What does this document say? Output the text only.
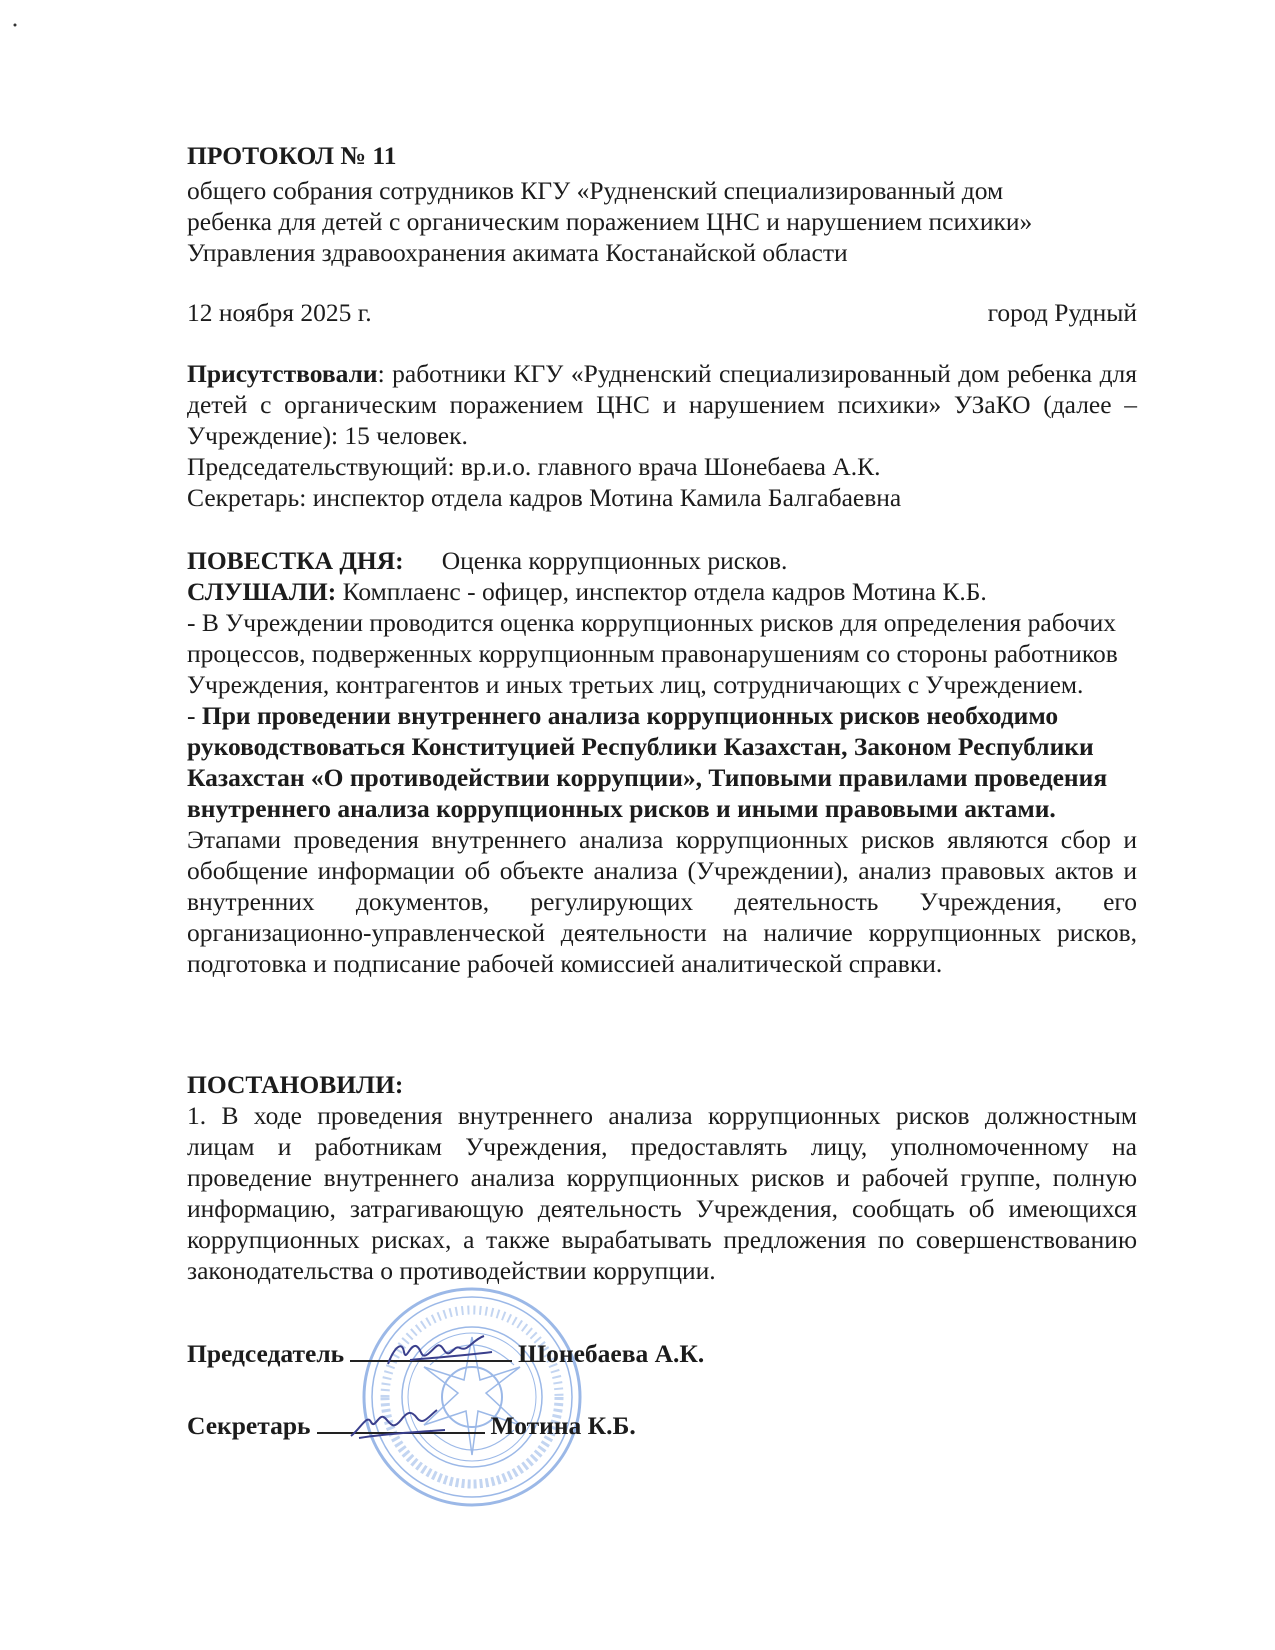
ПРОТОКОЛ № 11
общего собрания сотрудников КГУ «Рудненский специализированный дом
ребенка для детей с органическим поражением ЦНС и нарушением психики»
Управления здравоохранения акимата Костанайской области
12 ноября 2025 г.	город Рудный
Присутствовали: работники КГУ «Рудненский специализированный дом ребенка для детей с органическим поражением ЦНС и нарушением психики» УЗаКО (далее – Учреждение): 15 человек.
Председательствующий: вр.и.о. главного врача Шонебаева А.К.
Секретарь: инспектор отдела кадров Мотина Камила Балгабаевна
ПОВЕСТКА ДНЯ: Оценка коррупционных рисков.
СЛУШАЛИ: Комплаенс - офицер, инспектор отдела кадров Мотина К.Б.
- В Учреждении проводится оценка коррупционных рисков для определения рабочих процессов, подверженных коррупционным правонарушениям со стороны работников Учреждения, контрагентов и иных третьих лиц, сотрудничающих с Учреждением.
- При проведении внутреннего анализа коррупционных рисков необходимо руководствоваться Конституцией Республики Казахстан, Законом Республики Казахстан «О противодействии коррупции», Типовыми правилами проведения внутреннего анализа коррупционных рисков и иными правовыми актами.
Этапами проведения внутреннего анализа коррупционных рисков являются сбор и обобщение информации об объекте анализа (Учреждении), анализ правовых актов и внутренних документов, регулирующих деятельность Учреждения, его организационно-управленческой деятельности на наличие коррупционных рисков, подготовка и подписание рабочей комиссией аналитической справки.
ПОСТАНОВИЛИ:
1. В ходе проведения внутреннего анализа коррупционных рисков должностным лицам и работникам Учреждения, предоставлять лицу, уполномоченному на проведение внутреннего анализа коррупционных рисков и рабочей группе, полную информацию, затрагивающую деятельность Учреждения, сообщать об имеющихся коррупционных рисках, а также вырабатывать предложения по совершенствованию законодательства о противодействии коррупции.
Председатель	Шонебаева А.К.
Секретарь	Мотина К.Б.
